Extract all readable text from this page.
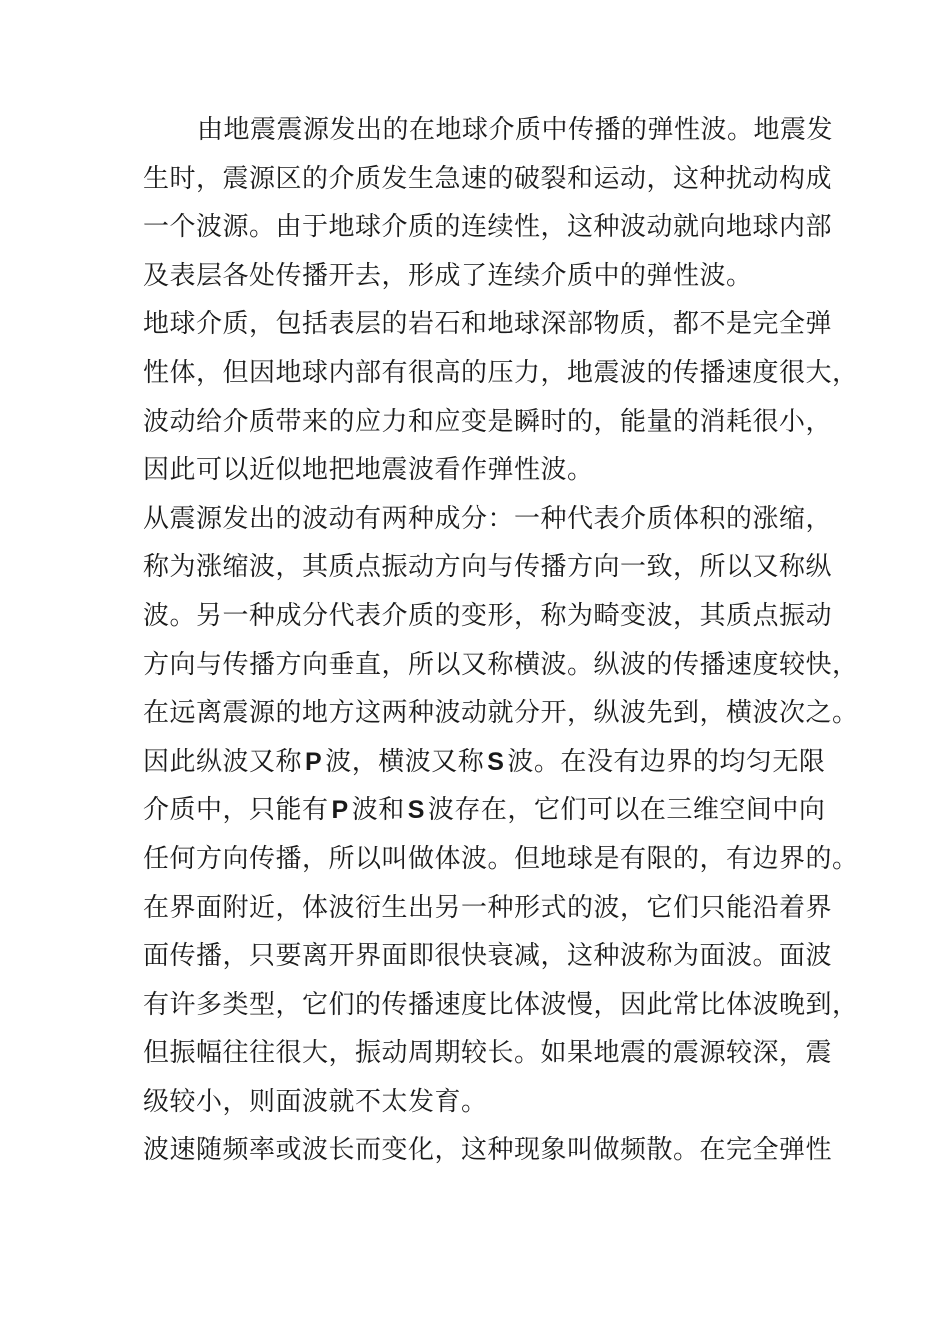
由地震震源发出的在地球介质中传播的弹性波。地震发
生时，震源区的介质发生急速的破裂和运动，这种扰动构成
一个波源。由于地球介质的连续性，这种波动就向地球内部
及表层各处传播开去，形成了连续介质中的弹性波。
地球介质，包括表层的岩石和地球深部物质，都不是完全弹
性体，但因地球内部有很高的压力，地震波的传播速度很大，
波动给介质带来的应力和应变是瞬时的，能量的消耗很小，
因此可以近似地把地震波看作弹性波。
从震源发出的波动有两种成分：一种代表介质体积的涨缩，
称为涨缩波，其质点振动方向与传播方向一致，所以又称纵
波。另一种成分代表介质的变形，称为畸变波，其质点振动
方向与传播方向垂直，所以又称横波。纵波的传播速度较快，
在远离震源的地方这两种波动就分开，纵波先到，横波次之。
因此纵波又称 P 波，横波又称 S 波。在没有边界的均匀无限
介质中，只能有 P 波和 S 波存在，它们可以在三维空间中向
任何方向传播，所以叫做体波。但地球是有限的，有边界的。
在界面附近，体波衍生出另一种形式的波，它们只能沿着界
面传播，只要离开界面即很快衰减，这种波称为面波。面波
有许多类型，它们的传播速度比体波慢，因此常比体波晚到，
但振幅往往很大，振动周期较长。如果地震的震源较深，震
级较小，则面波就不太发育。
波速随频率或波长而变化，这种现象叫做频散。在完全弹性
